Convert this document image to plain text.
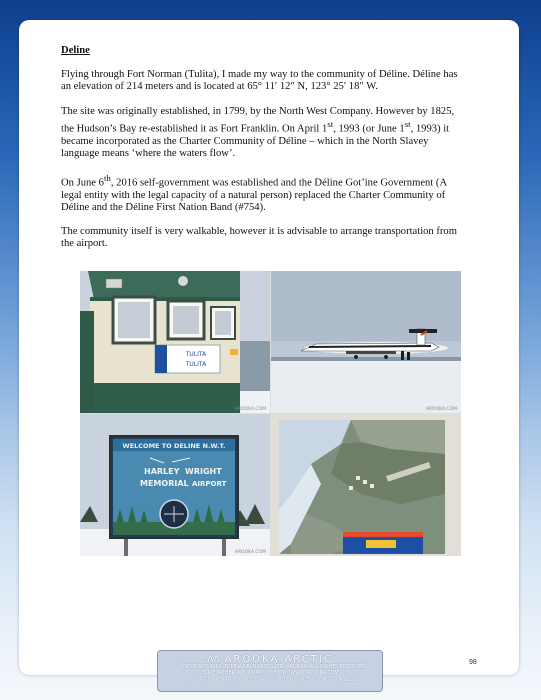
Deline

Flying through Fort Norman (Tulita), I made my way to the community of Déline. Déline has an elevation of 214 meters and is located at 65° 11′ 12″ N, 123° 25′ 18″ W.

The site was originally established, in 1799, by the North West Company. However by 1825, the Hudson’s Bay re-established it as Fort Franklin. On April 1st, 1993 (or June 1st, 1993) it became incorporated as the Charter Community of Déline – which in the North Slavey language means ‘where the waters flow’.

On June 6th, 2016 self-government was established and the Déline Got’ine Government (A legal entity with the legal capacity of a natural person) replaced the Charter Community of Déline and the Déline First Nation Band (#754).

The community itself is very walkable, however it is advisable to arrange transportation from the airport.

TULITA
TULITA
AROOKA.COM	AROOKA.COM
WELCOME TO DELINE N.W.T.
HARLEY WRIGHT
MEMORIAL AIRPORT
AROOKA.COM
98
ᐱᐱ AROOKA ARCTIC
© COPYRIGHT 2016, FREE WORLD PRESS LTD. AROOKA. ALL RIGHTS RESERVED.
FOR FURTHER INFORMATION: HTTP://WWW.AROOKA.COM
COPYRIGHTED MATERIAL - DO NOT COPY - DO NOT DISTRIBUTE - DO NOT REPRODUCE
